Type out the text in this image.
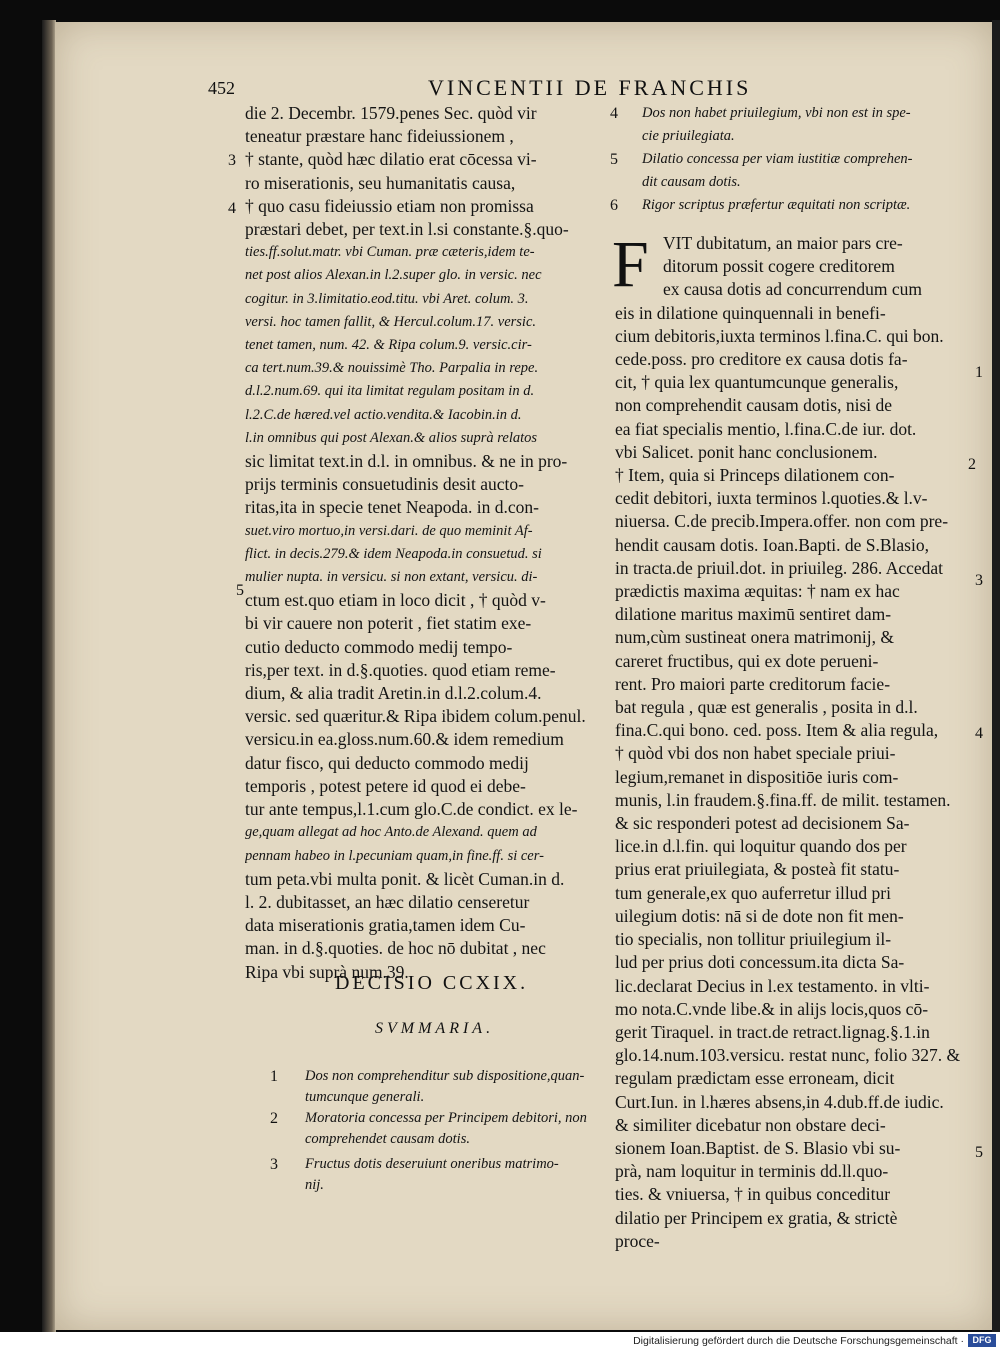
452	VINCENTII DE FRANCHIS
die 2. Decembr. 1579.penes Sec. quòd vir
teneatur præstare hanc fideiussionem ,
† stante, quòd hæc dilatio erat cōcessa vi-
ro miserationis, seu humanitatis causa,
† quo casu fideiussio etiam non promissa
præstari debet, per text.in l.si constante.§.quo-
ties.ff.solut.matr. vbi Cuman. præ cæteris,idem te-
net post alios Alexan.in l.2.super glo. in versic. nec
cogitur. in 3.limitatio.eod.titu. vbi Aret. colum. 3.
versi. hoc tamen fallit, & Hercul.colum.17. versic.
tenet tamen, num. 42. & Ripa colum.9. versic.cir-
ca tert.num.39.& nouissimè Tho. Parpalia in repe.
d.l.2.num.69. qui ita limitat regulam positam in d.
l.2.C.de hæred.vel actio.vendita.& Iacobin.in d.
l.in omnibus qui post Alexan.& alios suprà relatos
sic limitat text.in d.l. in omnibus. & ne in pro-
prijs terminis consuetudinis desit aucto-
ritas,ita in specie tenet Neapoda. in d.con-
suet.viro mortuo,in versi.dari. de quo meminit Af-
flict. in decis.279.& idem Neapoda.in consuetud. si
mulier nupta. in versicu. si non extant, versicu. di-
ctum est.quo etiam in loco dicit , † quòd v-
bi vir cauere non poterit , fiet statim exe-
cutio deducto commodo medij tempo-
ris,per text. in d.§.quoties. quod etiam reme-
dium, & alia tradit Aretin.in d.l.2.colum.4.
versic. sed quæritur.& Ripa ibidem colum.penul.
versicu.in ea.gloss.num.60.& idem remedium
datur fisco, qui deducto commodo medij
temporis , potest petere id quod ei debe-
tur ante tempus,l.1.cum glo.C.de condict. ex le-
ge,quam allegat ad hoc Anto.de Alexand. quem ad
pennam habeo in l.pecuniam quam,in fine.ff. si cer-
tum peta.vbi multa ponit. & licèt Cuman.in d.
l. 2. dubitasset, an hæc dilatio censeretur
data miserationis gratia,tamen idem Cu-
man. in d.§.quoties. de hoc nō dubitat , nec
Ripa vbi suprà num.39.
3
4
5
4 Dos non habet priuilegium, vbi non est in spe-
cie priuilegiata.
5 Dilatio concessa per viam iustitiæ comprehen-
dit causam dotis.
6 Rigor scriptus præfertur æquitati non scriptæ.
DECISIO CCXIX.
SVMMARIA.
1 Dos non comprehenditur sub dispositione,quan-
tumcunque generali.
2 Moratoria concessa per Principem debitori, non
comprehendet causam dotis.
3 Fructus dotis deseruiunt oneribus matrimo-
nij.
F VIT dubitatum, an maior pars cre-
ditorum possit cogere creditorem
ex causa dotis ad concurrendum cum
eis in dilatione quinquennali in benefi-
cium debitoris,iuxta terminos l.fina.C. qui bon.
cede.poss. pro creditore ex causa dotis fa-
cit, † quia lex quantumcunque generalis,
non comprehendit causam dotis, nisi de
ea fiat specialis mentio, l.fina.C.de iur. dot.
vbi Salicet. ponit hanc conclusionem.
† Item, quia si Princeps dilationem con-
cedit debitori, iuxta terminos l.quoties.& l.v-
niuersa. C.de precib.Impera.offer. non com pre-
hendit causam dotis. Ioan.Bapti. de S.Blasio,
in tracta.de priuil.dot. in priuileg. 286. Accedat
prædictis maxima æquitas: † nam ex hac
dilatione maritus maximū sentiret dam-
num,cùm sustineat onera matrimonij, &
careret fructibus, qui ex dote perueni-
rent. Pro maiori parte creditorum facie-
bat regula , quæ est generalis , posita in d.l.
fina.C.qui bono. ced. poss. Item & alia regula,
† quòd vbi dos non habet speciale priui-
legium,remanet in dispositiōe iuris com-
munis, l.in fraudem.§.fina.ff. de milit. testamen.
& sic responderi potest ad decisionem Sa-
lice.in d.l.fin. qui loquitur quando dos per
prius erat priuilegiata, & posteà fit statu-
tum generale,ex quo auferretur illud pri
uilegium dotis: nā si de dote non fit men-
tio specialis, non tollitur priuilegium il-
lud per prius doti concessum.ita dicta Sa-
lic.declarat Decius in l.ex testamento. in vlti-
mo nota.C.vnde libe.& in alijs locis,quos cō-
gerit Tiraquel. in tract.de retract.lignag.§.1.in
glo.14.num.103.versicu. restat nunc, folio 327. &
regulam prædictam esse erroneam, dicit
Curt.Iun. in l.hæres absens,in 4.dub.ff.de iudic.
& similiter dicebatur non obstare deci-
sionem Ioan.Baptist. de S. Blasio vbi su-
prà, nam loquitur in terminis dd.ll.quo-
ties. & vniuersa, † in quibus conceditur
dilatio per Principem ex gratia, & strictè
proce-
1
2
3
4
5
Digitalisierung gefördert durch die Deutsche Forschungsgemeinschaft · DFG
